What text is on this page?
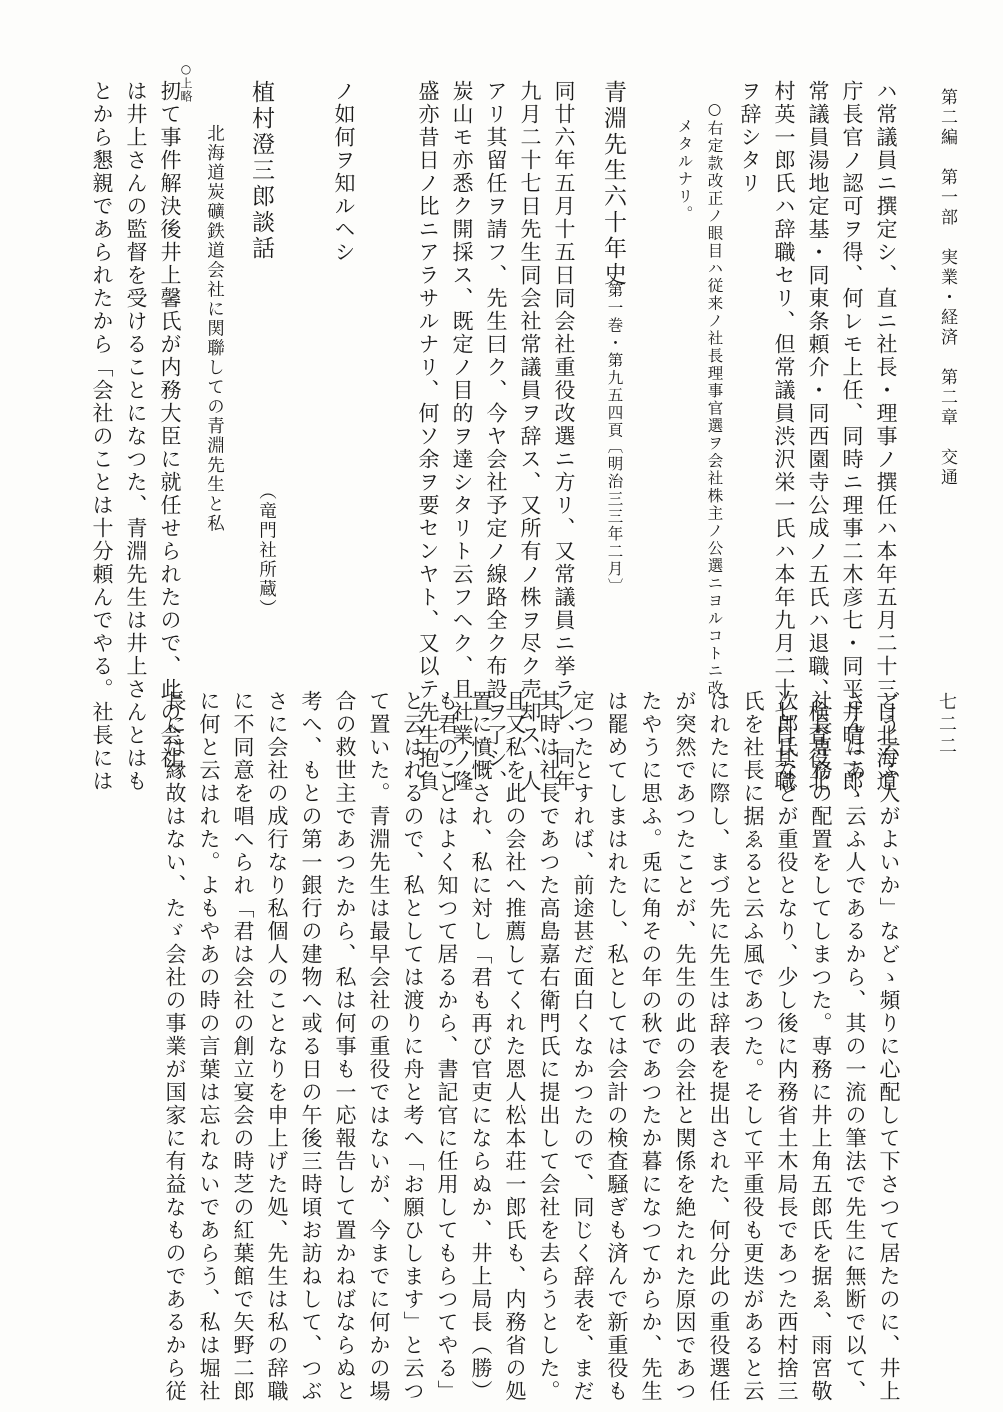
第二編　第一部　実業・経済　第二章　交通
七二二
ハ常議員ニ撰定シ、直ニ社長・理事ノ撰任ハ本年五月二十三日北海道
庁長官ノ認可ヲ得、何レモ上任、同時ニ理事二木彦七・同平井晴二郎
常議員湯地定基・同東条頼介・同西園寺公成ノ五氏ハ退職、検査役北
村英一郎氏ハ辞職セリ、但常議員渋沢栄一氏ハ本年九月二十七日其職
ヲ辞シタリ
○右定款改正ノ眼目ハ従来ノ社長理事官選ヲ会社株主ノ公選ニヨルコトニ改
メタルナリ。
青淵先生六十年史
第一巻・第九五四頁
〔明治三三年二月〕
同廿六年五月十五日同会社重役改選ニ方リ、又常議員ニ挙ラレ、同年
九月二十七日先生同会社常議員ヲ辞ス、又所有ノ株ヲ尽ク売却ス、人
アリ其留任ヲ請フ、先生曰ク、今ヤ会社予定ノ線路全ク布設ヲ了シ、
炭山モ亦悉ク開採ス、既定ノ目的ヲ達シタリト云フヘク、且社業ノ隆
盛亦昔日ノ比ニアラサルナリ、何ソ余ヲ要センヤト、又以テ先生抱負
ノ如何ヲ知ルヘシ
植村澄三郎談話
（竜門社所蔵）
北海道炭礦鉄道会社に関聯しての青淵先生と私
○上略
扨て事件解決後井上馨氏が内務大臣に就任せられたので、此の会社
は井上さんの監督を受けることになつた、青淵先生は井上さんとはも
とから懇親であられたから「会社のことは十分頼んでやる。社長には
どう云ふ人がよいか」などゝ頻りに心配して下さつて居たのに、井上
さんはあゝ云ふ人であるから、其の一流の筆法で先生に無断で以て、
社長専務の配置をしてしまつた。専務に井上角五郎氏を据ゑ、雨宮敬
次郎氏などが重役となり、少し後に内務省土木局長であつた西村捨三
氏を社長に据ゑると云ふ風であつた。そして平重役も更迭があると云
はれたに際し、まづ先に先生は辞表を提出された、何分此の重役選任
が突然であつたことが、先生の此の会社と関係を絶たれた原因であつ
たやうに思ふ。兎に角その年の秋であつたか暮になつてからか、先生
は罷めてしまはれたし、私としては会計の検査騒ぎも済んで新重役も
定つたとすれば、前途甚だ面白くなかつたので、同じく辞表を、まだ
其時は社長であつた高島嘉右衛門氏に提出して会社を去らうとした。
且又私を此の会社へ推薦してくれた恩人松本荘一郎氏も、内務省の処
置に憤慨され、私に対し「君も再び官吏にならぬか、井上局長（勝）
も君のことはよく知つて居るから、書記官に任用してもらつてやる」
と云はれるので、私としては渡りに舟と考へ「お願ひします」と云つ
て置いた。青淵先生は最早会社の重役ではないが、今までに何かの場
合の救世主であつたから、私は何事も一応報告して置かねばならぬと
考へ、もとの第一銀行の建物へ或る日の午後三時頃お訪ねして、つぶ
さに会社の成行なり私個人のことなりを申上げた処、先生は私の辞職
に不同意を唱へられ「君は会社の創立宴会の時芝の紅葉館で矢野二郎
に何と云はれた。よもやあの時の言葉は忘れないであらう、私は堀社
長には縁故はない、たゞ会社の事業が国家に有益なものであるから従
